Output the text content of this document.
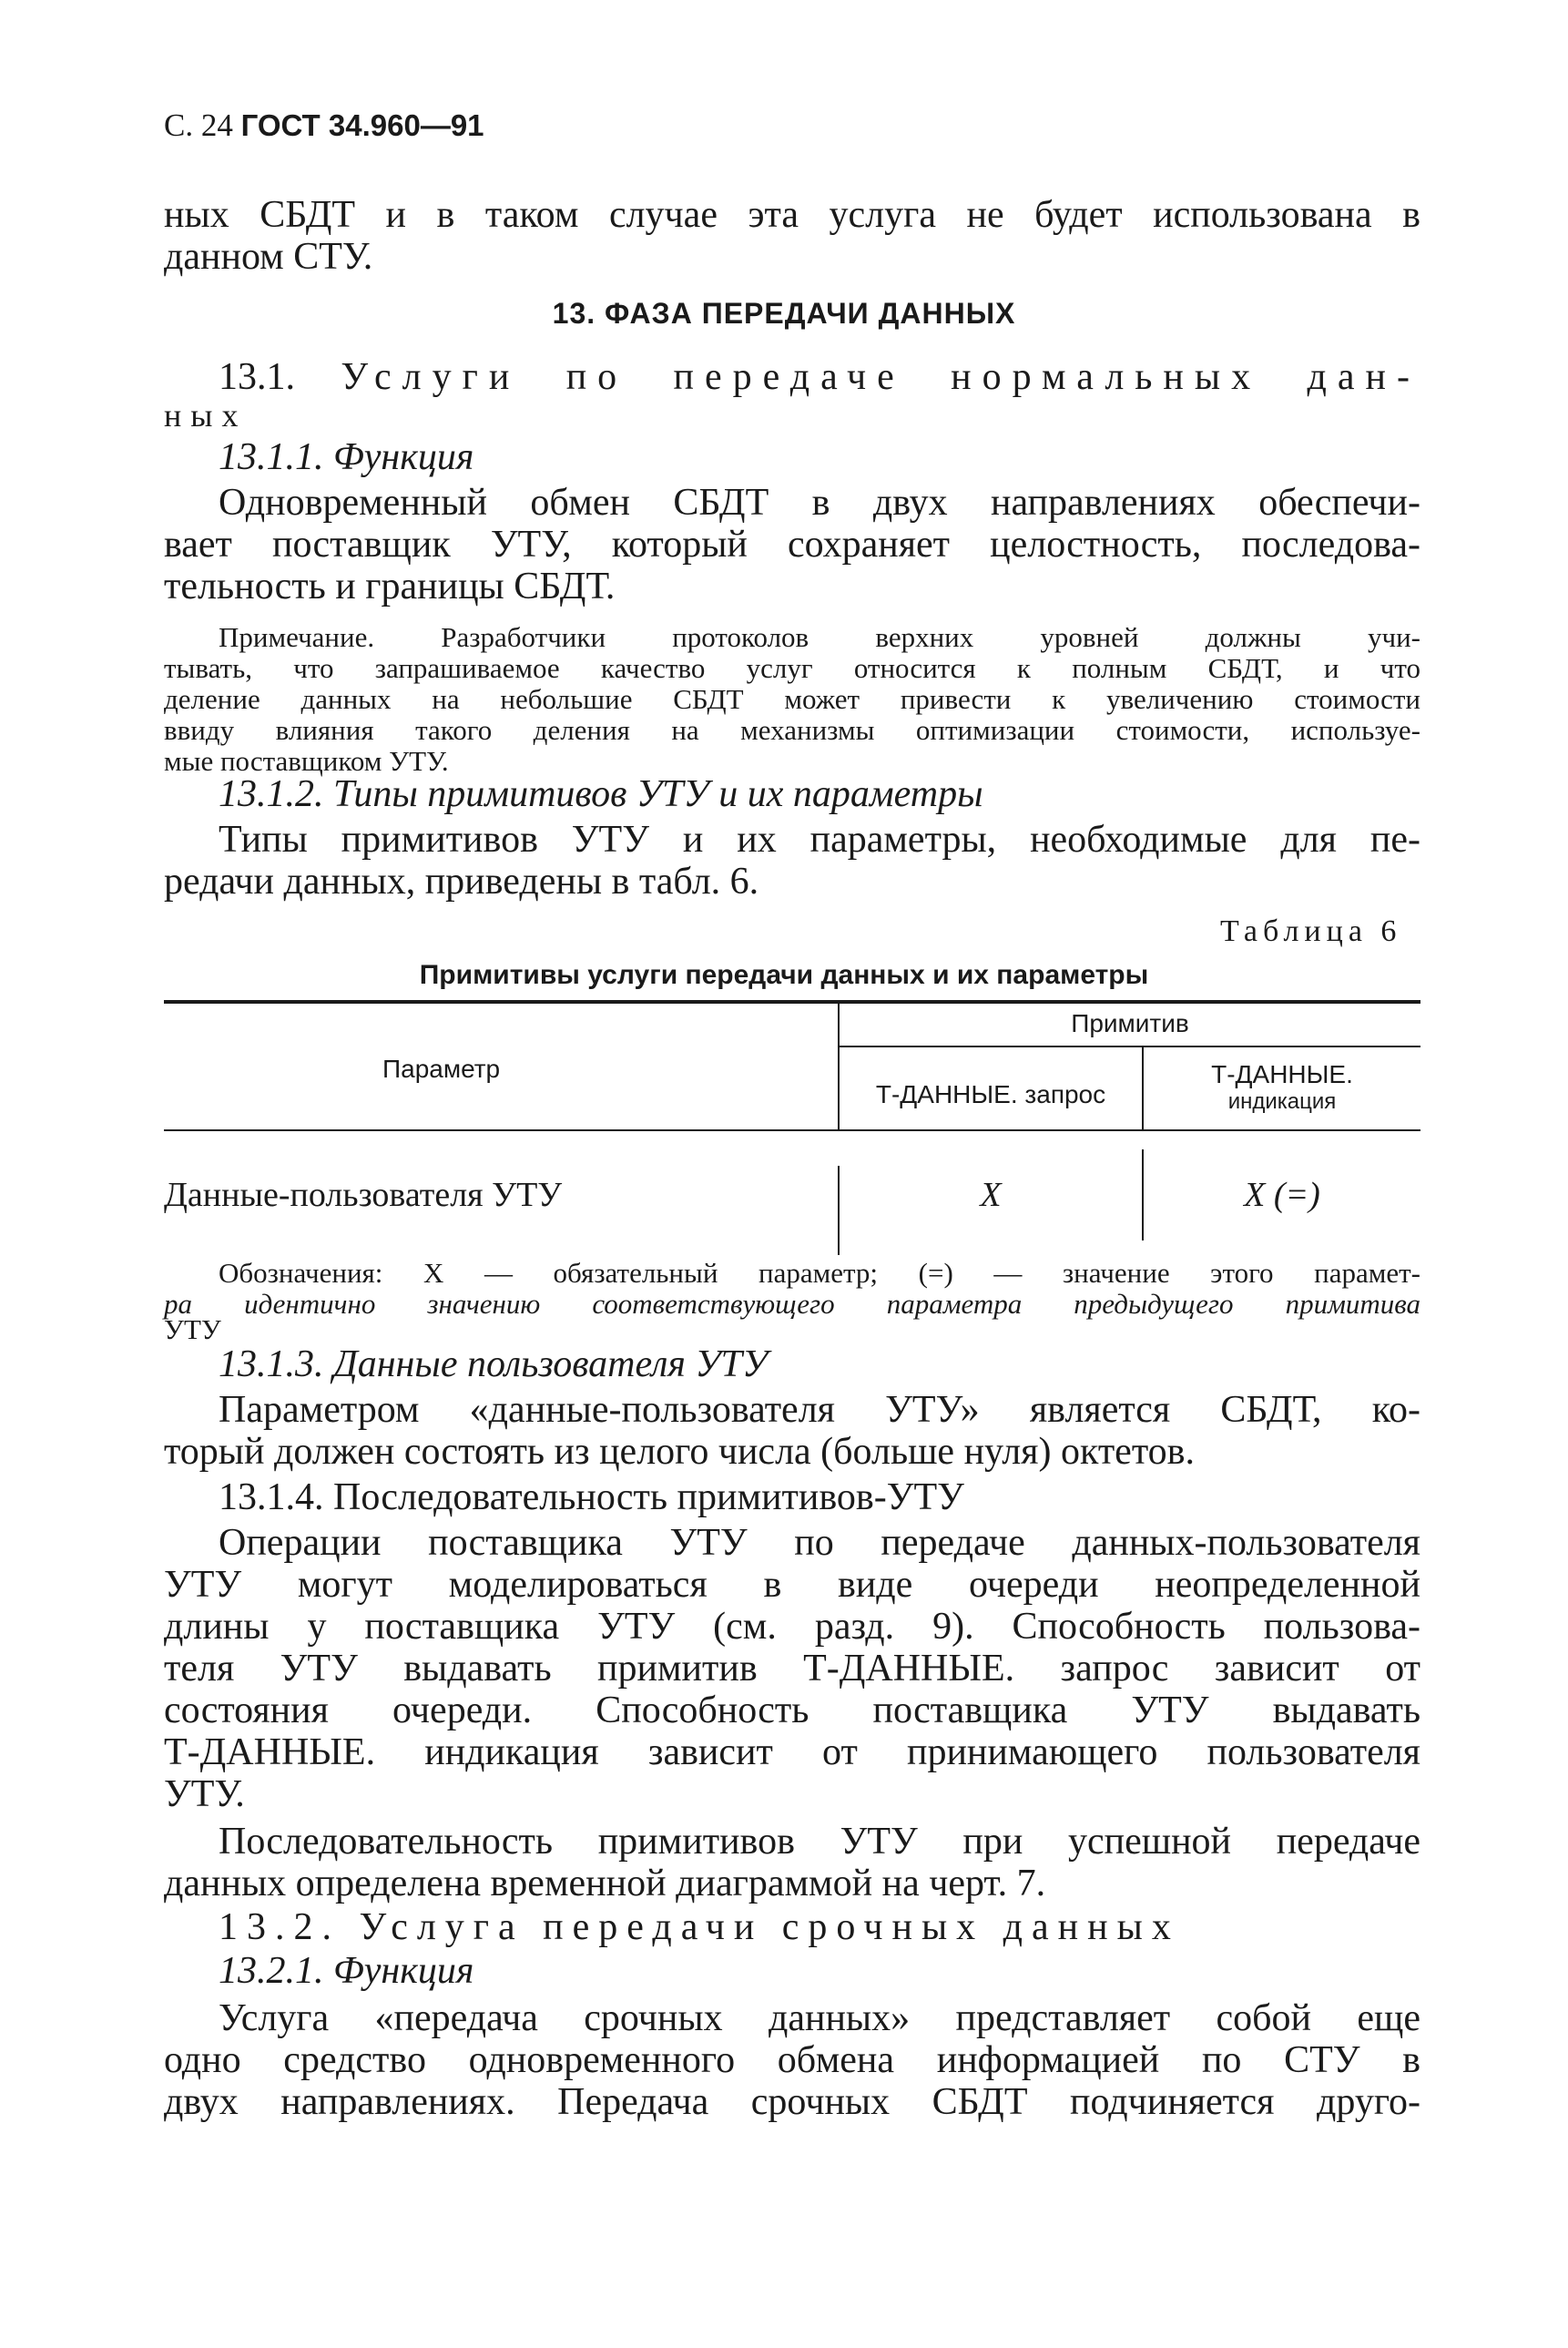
С. 24 ГОСТ 34.960—91
ных СБДТ и в таком случае эта услуга не будет использована в
данном СТУ.
13. ФАЗА ПЕРЕДАЧИ ДАННЫХ
13.1. Услуги по передаче нормальных дан-
ных
13.1.1. Функция
Одновременный обмен СБДТ в двух направлениях обеспечи-
вает поставщик УТУ, который сохраняет целостность, последова-
тельность и границы СБДТ.
Примечание. Разработчики протоколов верхних уровней должны учи-
тывать, что запрашиваемое качество услуг относится к полным СБДТ, и что
деление данных на небольшие СБДТ может привести к увеличению стоимости
ввиду влияния такого деления на механизмы оптимизации стоимости, используе-
мые поставщиком УТУ.
13.1.2. Типы примитивов УТУ и их параметры
Типы примитивов УТУ и их параметры, необходимые для пе-
редачи данных, приведены в табл. 6.
Таблица 6
Примитивы услуги передачи данных и их параметры
Параметр
Примитив
Т-ДАННЫЕ. запрос
Т-ДАННЫЕ.
индикация
Данные-пользователя УТУ	X	X (=)
Обозначения: X — обязательный параметр; (=) — значение этого парамет-
ра идентично значению соответствующего параметра предыдущего примитива
УТУ
13.1.3. Данные пользователя УТУ
Параметром «данные-пользователя УТУ» является СБДТ, ко-
торый должен состоять из целого числа (больше нуля) октетов.
13.1.4. Последовательность примитивов-УТУ
Операции поставщика УТУ по передаче данных-пользователя
УТУ могут моделироваться в виде очереди неопределенной
длины у поставщика УТУ (см. разд. 9). Способность пользова-
теля УТУ выдавать примитив Т-ДАННЫЕ. запрос зависит от
состояния очереди. Способность поставщика УТУ выдавать
Т-ДАННЫЕ. индикация зависит от принимающего пользователя
УТУ.
Последовательность примитивов УТУ при успешной передаче
данных определена временной диаграммой на черт. 7.
13.2. Услуга передачи срочных данных
13.2.1. Функция
Услуга «передача срочных данных» представляет собой еще
одно средство одновременного обмена информацией по СТУ в
двух направлениях. Передача срочных СБДТ подчиняется друго-
